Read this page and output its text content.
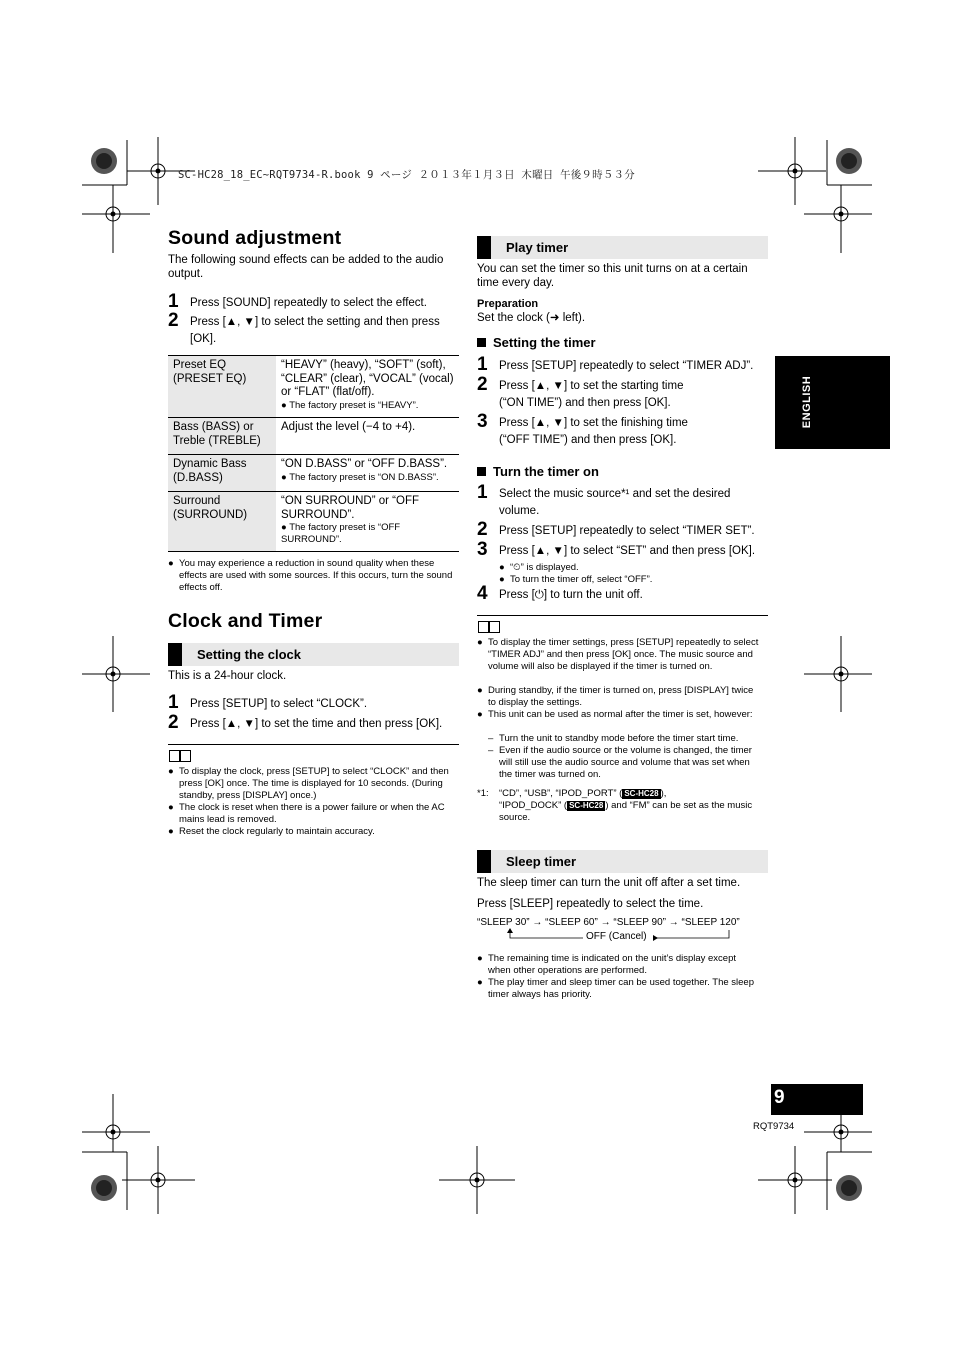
SC-HC28_18_EC~RQT9734-R.book 9 ページ ２０１３年１月３日 木曜日 午後９時５３分
Sound adjustment
The following sound effects can be added to the audio output.
1 Press [SOUND] repeatedly to select the effect.
2 Press [▲, ▼] to select the setting and then press [OK].
Preset EQ (PRESET EQ)	“HEAVY” (heavy), “SOFT” (soft), “CLEAR” (clear), “VOCAL” (vocal) or “FLAT” (flat/off).
● The factory preset is “HEAVY”.

Bass (BASS) or Treble (TREBLE)	Adjust the level (−4 to +4).
Dynamic Bass (D.BASS)	“ON D.BASS” or “OFF D.BASS”.
● The factory preset is “ON D.BASS”.

Surround (SURROUND)	“ON SURROUND” or “OFF SURROUND”.
● The factory preset is “OFF SURROUND”.
● You may experience a reduction in sound quality when these effects are used with some sources. If this occurs, turn the sound effects off.
Clock and Timer
Setting the clock
This is a 24-hour clock.
1 Press [SETUP] to select “CLOCK”.
2 Press [▲, ▼] to set the time and then press [OK].
● To display the clock, press [SETUP] to select “CLOCK” and then press [OK] once. The time is displayed for 10 seconds. (During standby, press [DISPLAY] once.)
● The clock is reset when there is a power failure or when the AC mains lead is removed.
● Reset the clock regularly to maintain accuracy.
Play timer
You can set the timer so this unit turns on at a certain time every day.
Preparation
Set the clock (➜ left).
Setting the timer
1 Press [SETUP] repeatedly to select “TIMER ADJ”.
2 Press [▲, ▼] to set the starting time (“ON TIME”) and then press [OK].
3 Press [▲, ▼] to set the finishing time (“OFF TIME”) and then press [OK].
Turn the timer on
1 Select the music source*¹ and set the desired volume.
2 Press [SETUP] repeatedly to select “TIMER SET”.
3 Press [▲, ▼] to select “SET” and then press [OK].
● “⏲” is displayed.
● To turn the timer off, select “OFF”.
4 Press [⏻] to turn the unit off.
● To display the timer settings, press [SETUP] repeatedly to select “TIMER ADJ” and then press [OK] once. The music source and volume will also be displayed if the timer is turned on.
● During standby, if the timer is turned on, press [DISPLAY] twice to display the settings.
● This unit can be used as normal after the timer is set, however:
– Turn the unit to standby mode before the timer start time.
– Even if the audio source or the volume is changed, the timer will still use the audio source and volume that was set when the timer was turned on.
*1: “CD”, “USB”, “IPOD_PORT” ( SC-HC28 ),
“IPOD_DOCK” ( SC-HC28 ) and “FM” can be set as the music source.
Sleep timer
The sleep timer can turn the unit off after a set time.
Press [SLEEP] repeatedly to select the time.
“SLEEP 30” → “SLEEP 60” → “SLEEP 90” → “SLEEP 120”
OFF (Cancel)
● The remaining time is indicated on the unit’s display except when other operations are performed.
● The play timer and sleep timer can be used together. The sleep timer always has priority.
ENGLISH
9
RQT9734
